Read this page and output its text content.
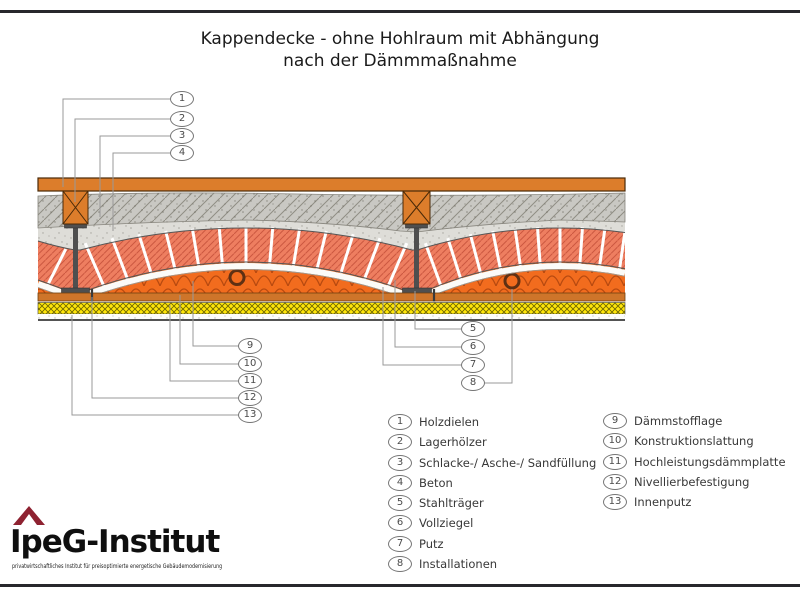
Kappendecke - ohne Hohlraum mit Abhängung
nach der Dämmmaßnahme
1
2
3
4
5
6
7
8
9
10
11
12
13
1	Holzdielen
2	Lagerhölzer
3	Schlacke-/ Asche-/ Sandfüllung
4	Beton
5	Stahlträger
6	Vollziegel
7	Putz
8	Installationen
9	Dämmstofflage
10	Konstruktionslattung
11	Hochleistungsdämmplatte
12	Nivellierbefestigung
13	Innenputz
IpeG-Institut
privatwirtschaftliches Institut für preisoptimierte energetische Gebäudemodernisierung
